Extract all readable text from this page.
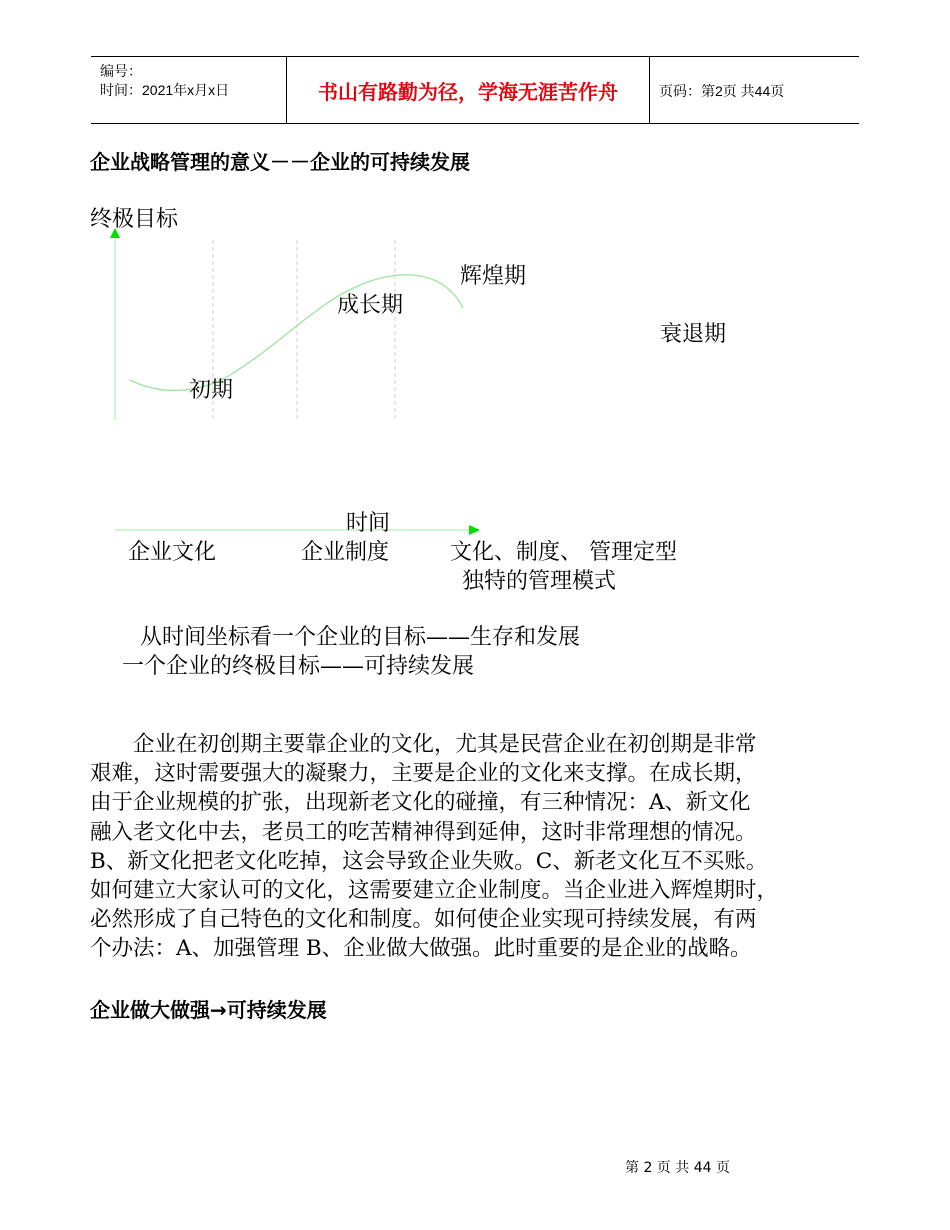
编号：
时间：2021年x月x日	书山有路勤为径，学海无涯苦作舟	页码：第2页 共44页
企业战略管理的意义－－企业的可持续发展
终极目标
辉煌期
成长期
衰退期
初期
时间
企业文化	企业制度	文化、制度、 管理定型
独特的管理模式
从时间坐标看一个企业的目标——生存和发展
一个企业的终极目标——可持续发展

　　企业在初创期主要靠企业的文化，尤其是民营企业在初创期是非常

艰难，这时需要强大的凝聚力，主要是企业的文化来支撑。在成长期，

由于企业规模的扩张，出现新老文化的碰撞，有三种情况：A、新文化

融入老文化中去，老员工的吃苦精神得到延伸，这时非常理想的情况。

B、新文化把老文化吃掉，这会导致企业失败。C、新老文化互不买账。

如何建立大家认可的文化，这需要建立企业制度。当企业进入辉煌期时，

必然形成了自己特色的文化和制度。如何使企业实现可持续发展，有两

个办法：A、加强管理 B、企业做大做强。此时重要的是企业的战略。

企业做大做强→可持续发展
第 2 页 共 44 页
